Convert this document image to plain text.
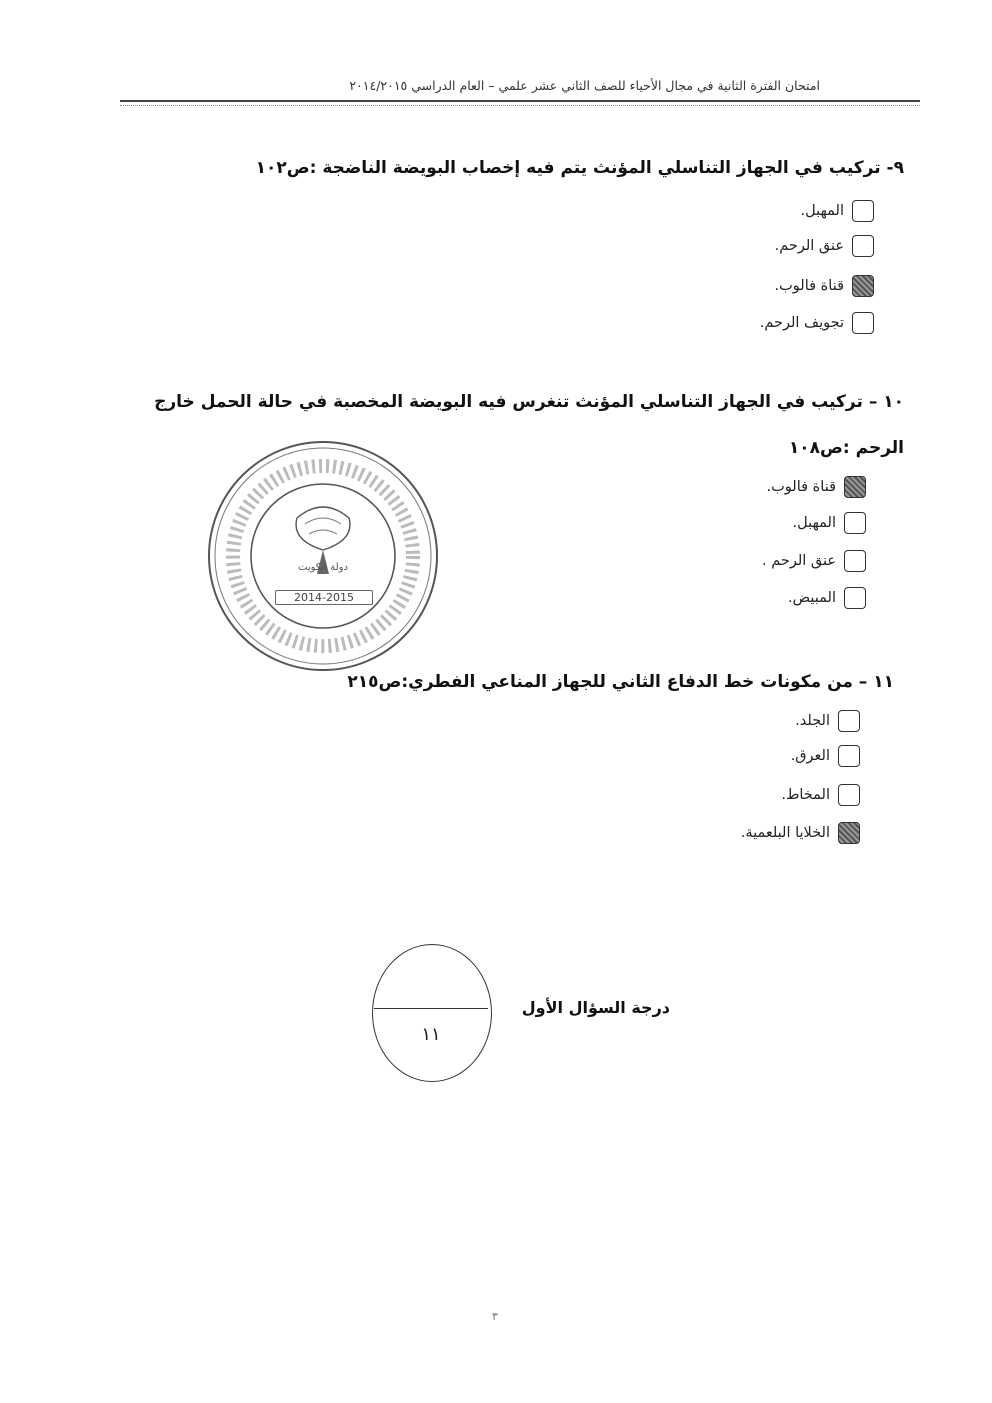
امتحان الفترة الثانية في مجال الأحياء للصف الثاني عشر علمي – العام الدراسي ٢٠١٤/٢٠١٥
٩- تركيب في الجهاز التناسلي المؤنث يتم فيه إخصاب البويضة الناضجة :ص١٠٢
المهبل.
عنق الرحم.
قناة فالوب.
تجويف الرحم.
١٠ – تركيب في الجهاز التناسلي المؤنث تنغرس فيه البويضة المخصبة في حالة الحمل خارج
الرحم :ص١٠٨
قناة فالوب.
المهبل.
عنق الرحم .
المبيض.
دولة الكويت
2014-2015
١١ – من مكونات خط الدفاع الثاني للجهاز المناعي الفطري:ص٢١٥
الجلد.
العرق.
المخاط.
الخلايا البلعمية.
١١
درجة السؤال الأول
٣
